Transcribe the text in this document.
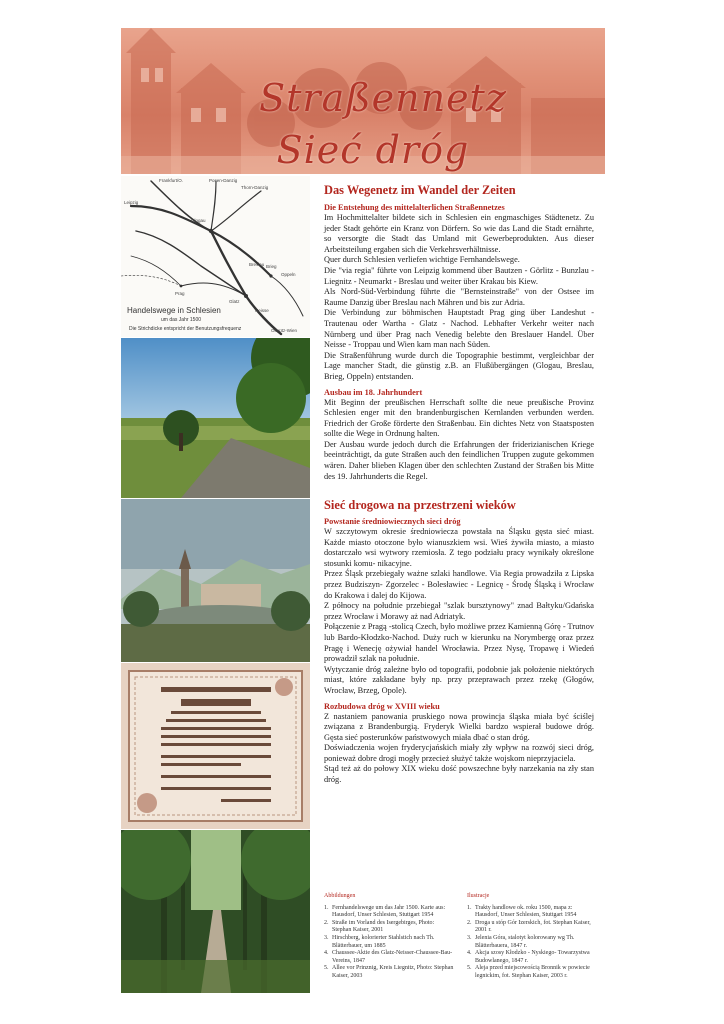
Straßennetz
Sieć dróg
Frankfurt/O.	Posen-Danzig
Thorn-Danzig
Leipzig
Glogau
Prag
Olmütz-Wien
Glatz
Oppeln
Breslau Brieg
Neisse
Handelswege in Schlesien
um das Jahr 1500
Die Strichdicke entspricht der Benutzungsfrequenz
Das Wegenetz im Wandel der Zeiten
Die Entstehung des mittelalterlichen Straßennetzes

Im Hochmittelalter bildete sich in Schlesien ein engmaschiges Städtenetz. Zu jeder Stadt gehörte ein Kranz von Dörfern. So wie das Land die Stadt ernährte, so versorgte die Stadt das Umland mit Gewerbeprodukten. Aus dieser Arbeitsteilung ergaben sich die Verkehrsverhältnisse.

Quer durch Schlesien verliefen wichtige Fernhandelswege.

Die "via regia" führte von Leipzig kommend über Bautzen - Görlitz - Bunzlau - Liegnitz - Neumarkt - Breslau und weiter über Krakau bis Kiew.

Als Nord-Süd-Verbindung führte die "Bernsteinstraße" von der Ostsee im Raume Danzig über Breslau nach Mähren und bis zur Adria.

Die Verbindung zur böhmischen Hauptstadt Prag ging über Landeshut - Trautenau oder Wartha - Glatz - Nachod. Lebhafter Verkehr weiter nach Nürnberg und über Prag nach Venedig belebte den Breslauer Handel. Über Neisse - Troppau und Wien kam man nach Süden.

Die Straßenführung wurde durch die Topographie bestimmt, vergleichbar der Lage mancher Stadt, die günstig z.B. an Flußübergängen (Glogau, Breslau, Brieg, Oppeln) entstanden.

Ausbau im 18. Jahrhundert

Mit Beginn der preußischen Herrschaft sollte die neue preußische Provinz Schlesien enger mit den brandenburgischen Kernlanden verbunden werden. Friedrich der Große förderte den Straßenbau. Ein dichtes Netz von Staatsposten sollte die Wege in Ordnung halten.

Der Ausbau wurde jedoch durch die Erfahrungen der friderizianischen Kriege beeinträchtigt, da gute Straßen auch den feindlichen Truppen zugute gekommen wären. Daher blieben Klagen über den schlechten Zustand der Straßen bis Mitte des 19. Jahrhunderts die Regel.

Sieć drogowa na przestrzeni wieków
Powstanie średniowiecznych sieci dróg

W szczytowym okresie średniowiecza powstała na Śląsku gęsta sieć miast. Każde miasto otoczone było wianuszkiem wsi. Wieś żywiła miasto, a miasto dostarczało wsi wytwory rzemiosła. Z tego podziału pracy wynikały określone stosunki komu- nikacyjne.

Przez Śląsk przebiegały ważne szlaki handlowe. Via Regia prowadziła z Lipska przez Budziszyn- Zgorzelec - Bolesławiec - Legnicę - Środę Śląską i Wrocław do Krakowa i dalej do Kijowa.

Z północy na południe przebiegał "szlak bursztynowy" znad Bałtyku/Gdańska przez Wrocław i Morawy aż nad Adriatyk.

Połączenie z Pragą -stolicą Czech, było możliwe przez Kamienną Górę - Trutnov lub Bardo-Kłodzko-Nachod. Duży ruch w kierunku na Norymbergę oraz przez Pragę i Wenecję ożywiał handel Wrocławia. Przez Nysę, Tropawę i Wiedeń prowadził szlak na południe.

Wytyczanie dróg zależne było od topografii, podobnie jak położenie niektórych miast, które zakładane były np. przy przeprawach przez rzekę (Głogów, Wrocław, Brzeg, Opole).

Rozbudowa dróg w XVIII wieku

Z nastaniem panowania pruskiego nowa prowincja śląska miała być ściślej związana z Brandenburgią. Fryderyk Wielki bardzo wspierał budowe dróg. Gęsta sieć posterunków państwowych miała dbać o stan dróg.

Doświadczenia wojen fryderycjańskich miały zły wpływ na rozwój sieci dróg, ponieważ dobre drogi mogły przecież służyć także wojskom nieprzyjaciela.

Stąd też aż do połowy XIX wieku dość powszechne były narzekania na zły stan dróg.

Abbildungen
1. Fernhandelswege um das Jahr 1500. Karte aus: Hausdorf, Unser Schlesien, Stuttgart 1954
2. Straße im Vorland des Isergebirges, Photo: Stephan Kaiser, 2001
3. Hirschberg, kolorierter Stahlstich nach Th. Blätterbauer, um 1885
4. Chaussee-Aktie des Glatz-Neisser-Chaussee-Bau-Vereins, 1847
5. Allee vor Prinznig, Kreis Liegnitz, Photo: Stephan Kaiser, 2003
Ilustracje
1. Trakty handlowe ok. roku 1500, mapa z: Hausdorf, Unser Schlesien, Stuttgart 1954
2. Droga u stóp Gór Izerskich, fot. Stephan Kaiser, 2001 r.
3. Jelenia Góra, stalotyt kolorowany wg Th. Blätterbauera, 1847 r.
4. Akcja szosy Kłodzko - Nyskiego- Towarzystwa Budowlanego, 1847 r.
5. Aleja przed miejscowością Bronnik w powiecie legnickim, fot. Stephan Kaiser, 2003 r.
